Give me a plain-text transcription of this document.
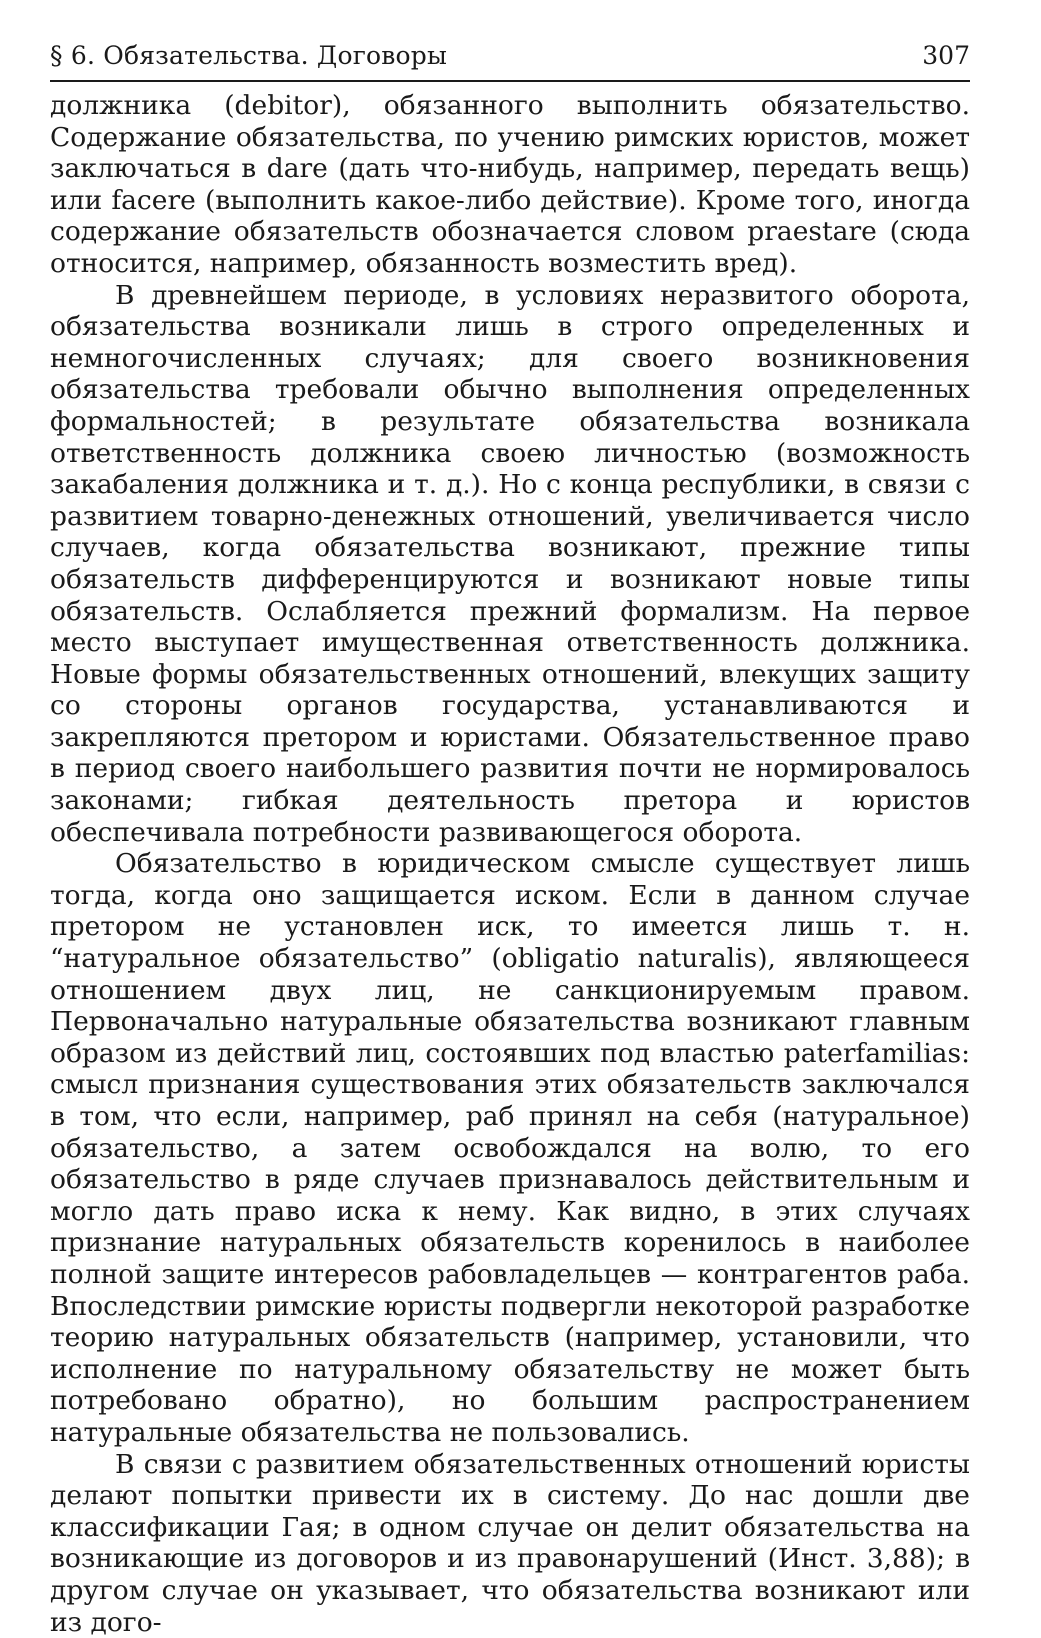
§ 6. Обязательства. Договоры	307

должника (debitor), обязанного выполнить обязательство. Содержание обязательства, по учению римских юристов, может заключаться в dare (дать что-нибудь, например, передать вещь) или facere (выполнить какое-либо действие). Кроме того, иногда содержание обязательств обозначается словом praestare (сюда относится, например, обязанность возместить вред).

В древнейшем периоде, в условиях неразвитого оборота, обязательства возникали лишь в строго определенных и немногочисленных случаях; для своего возникновения обязательства требовали обычно выполнения определенных формальностей; в результате обязательства возникала ответственность должника своею личностью (возможность закабаления должника и т. д.). Но с конца республики, в связи с развитием товарно-денежных отношений, увеличивается число случаев, когда обязательства возникают, прежние типы обязательств дифференцируются и возникают новые типы обязательств. Ослабляется прежний формализм. На первое место выступает имущественная ответственность должника. Новые формы обязательственных отношений, влекущих защиту со стороны органов государства, устанавливаются и закрепляются претором и юристами. Обязательственное право в период своего наибольшего развития почти не нормировалось законами; гибкая деятельность претора и юристов обеспечивала потребности развивающегося оборота.

Обязательство в юридическом смысле существует лишь тогда, когда оно защищается иском. Если в данном случае претором не установлен иск, то имеется лишь т. н. “натуральное обязательство” (obligatio naturalis), являющееся отношением двух лиц, не санкционируемым правом. Первоначально натуральные обязательства возникают главным образом из действий лиц, состоявших под властью paterfamilias: смысл признания существования этих обязательств заключался в том, что если, например, раб принял на себя (натуральное) обязательство, а затем освобождался на волю, то его обязательство в ряде случаев признавалось действительным и могло дать право иска к нему. Как видно, в этих случаях признание натуральных обязательств коренилось в наиболее полной защите интересов рабовладельцев — контрагентов раба. Впоследствии римские юристы подвергли некоторой разработке теорию натуральных обязательств (например, установили, что исполнение по натуральному обязательству не может быть потребовано обратно), но большим распространением натуральные обязательства не пользовались.

В связи с развитием обязательственных отношений юристы делают попытки привести их в систему. До нас дошли две классификации Гая; в одном случае он делит обязательства на возникающие из договоров и из правонарушений (Инст. 3,88); в другом случае он указывает, что обязательства возникают или из дого-
